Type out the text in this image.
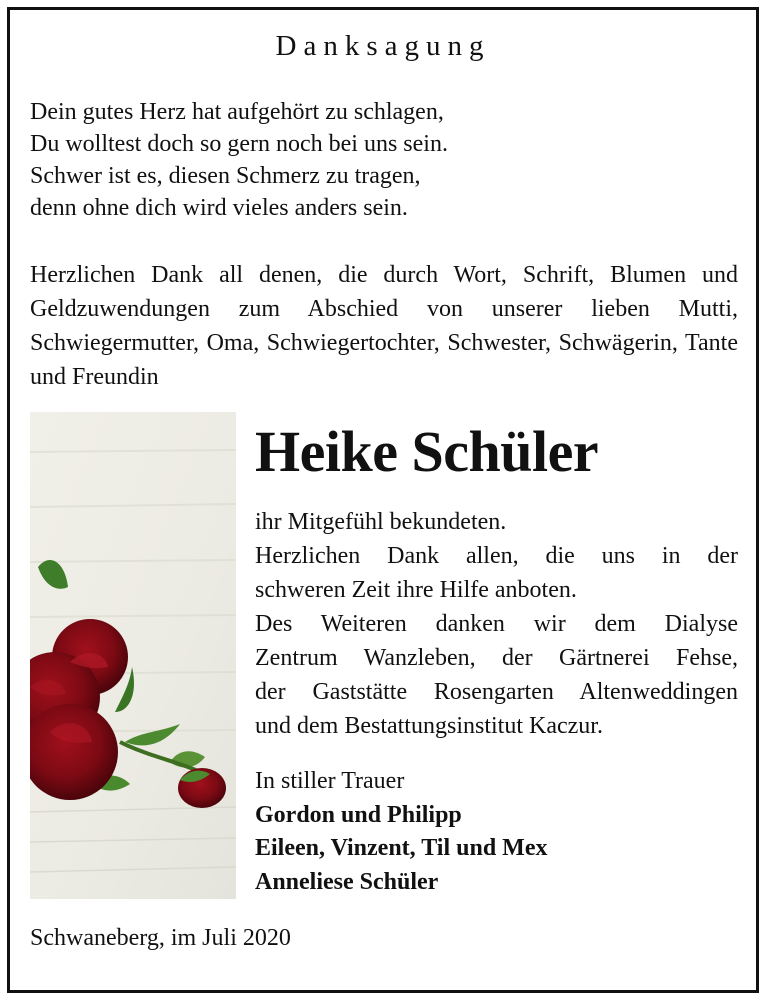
Danksagung
Dein gutes Herz hat aufgehört zu schlagen,
Du wolltest doch so gern noch bei uns sein.
Schwer ist es, diesen Schmerz zu tragen,
denn ohne dich wird vieles anders sein.
Herzlichen Dank all denen, die durch Wort, Schrift, Blumen und Geldzuwendungen zum Abschied von unserer lieben Mutti, Schwiegermutter, Oma, Schwiegertochter, Schwester, Schwägerin, Tante und Freundin
Heike Schüler
ihr Mitgefühl bekundeten.
Herzlichen Dank allen, die uns in der
schweren Zeit ihre Hilfe anboten.
Des Weiteren danken wir dem Dialyse
Zentrum Wanzleben, der Gärtnerei Fehse,
der Gaststätte Rosengarten Altenweddingen
und dem Bestattungsinstitut Kaczur.
In stiller Trauer
Gordon und Philipp
Eileen, Vinzent, Til und Mex
Anneliese Schüler
Schwaneberg, im Juli 2020
